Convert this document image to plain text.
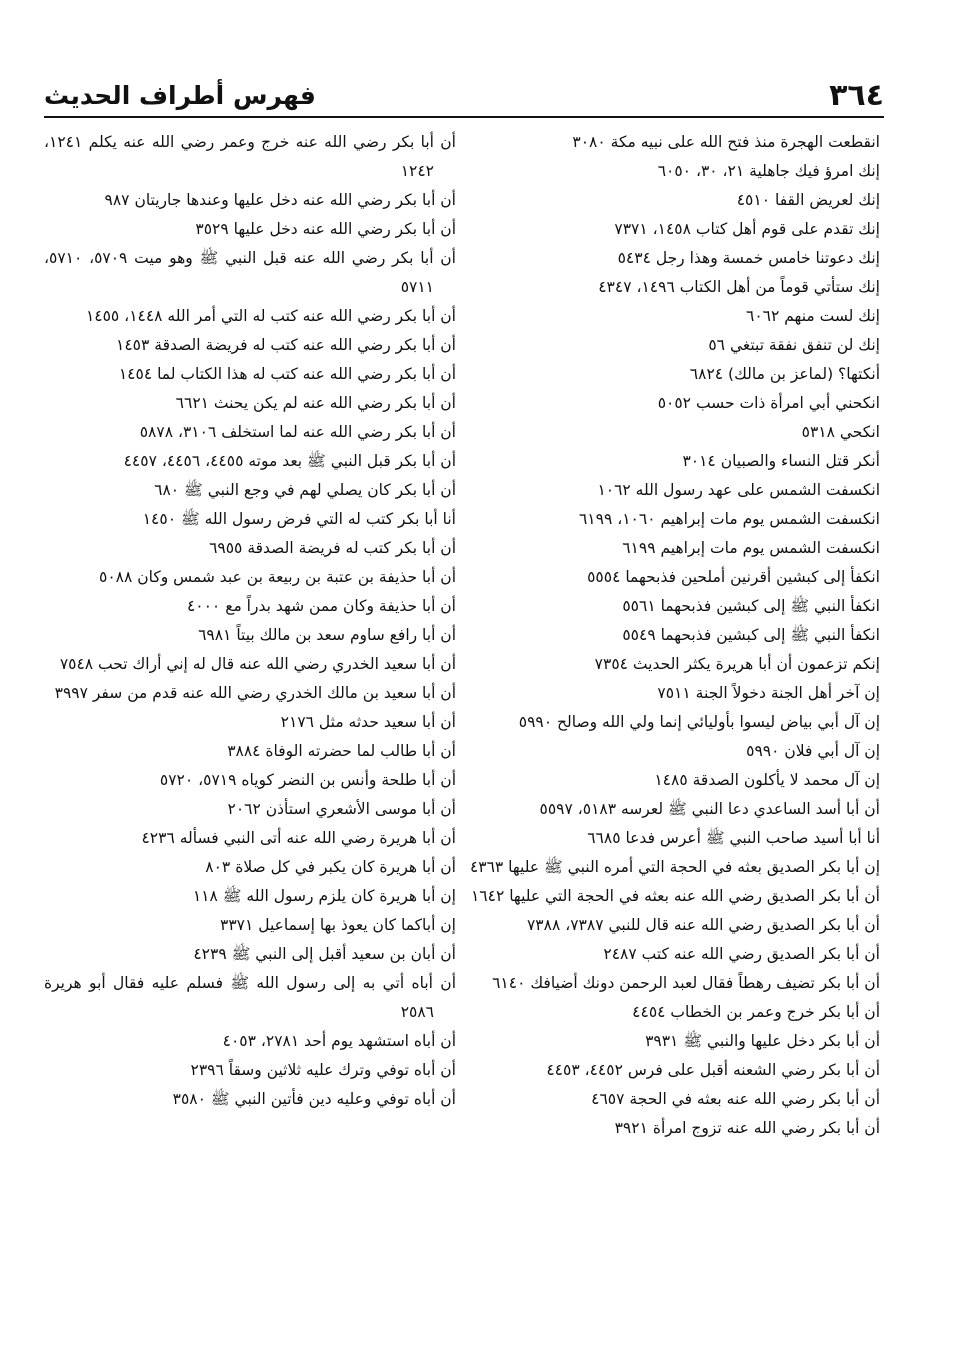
٣٦٤
فهرس أطراف الحديث

انقطعت الهجرة منذ فتح الله على نبيه مكة ٣٠٨٠

إنك امرؤ فيك جاهلية ٢١، ٣٠، ٦٠٥٠

إنك لعريض القفا ٤٥١٠

إنك تقدم على قوم أهل كتاب ١٤٥٨، ٧٣٧١

إنك دعوتنا خامس خمسة وهذا رجل ٥٤٣٤

إنك ستأتي قوماً من أهل الكتاب ١٤٩٦، ٤٣٤٧

إنك لست منهم ٦٠٦٢

إنك لن تنفق نفقة تبتغي ٥٦

أنكتها؟ (لماعز بن مالك) ٦٨٢٤

انكحني أبي امرأة ذات حسب ٥٠٥٢

انكحي ٥٣١٨

أنكر قتل النساء والصبيان ٣٠١٤

انكسفت الشمس على عهد رسول الله ١٠٦٢

انكسفت الشمس يوم مات إبراهيم ١٠٦٠، ٦١٩٩

انكسفت الشمس يوم مات إبراهيم ٦١٩٩

انكفأ إلى كبشين أقرنين أملحين فذبحهما ٥٥٥٤

انكفأ النبي ﷺ إلى كبشين فذبحهما ٥٥٦١

انكفأ النبي ﷺ إلى كبشين فذبحهما ٥٥٤٩

إنكم تزعمون أن أبا هريرة يكثر الحديث ٧٣٥٤

إن آخر أهل الجنة دخولاً الجنة ٧٥١١

إن آل أبي بياض ليسوا بأوليائي إنما ولي الله وصالح ٥٩٩٠

إن آل أبي فلان ٥٩٩٠

إن آل محمد لا يأكلون الصدقة ١٤٨٥

أن أبا أسد الساعدي دعا النبي ﷺ لعرسه ٥١٨٣، ٥٥٩٧

أنا أبا أسيد صاحب النبي ﷺ أعرس فدعا ٦٦٨٥

إن أبا بكر الصديق بعثه في الحجة التي أمره النبي ﷺ عليها ٤٣٦٣

أن أبا بكر الصديق رضي الله عنه بعثه في الحجة التي عليها ١٦٤٢

أن أبا بكر الصديق رضي الله عنه قال للنبي ٧٣٨٧، ٧٣٨٨

أن أبا بكر الصديق رضي الله عنه كتب ٢٤٨٧

أن أبا بكر تضيف رهطاً فقال لعبد الرحمن دونك أضيافك ٦١٤٠

أن أبا بكر خرج وعمر بن الخطاب ٤٤٥٤

أن أبا بكر دخل عليها والنبي ﷺ ٣٩٣١

أن أبا بكر رضي الشعنه أقبل على فرس ٤٤٥٢، ٤٤٥٣

أن أبا بكر رضي الله عنه بعثه في الحجة ٤٦٥٧

أن أبا بكر رضي الله عنه تزوج امرأة ٣٩٢١

أن أبا بكر رضي الله عنه خرج وعمر رضي الله عنه يكلم ١٢٤١، ١٢٤٢

أن أبا بكر رضي الله عنه دخل عليها وعندها جاريتان ٩٨٧

أن أبا بكر رضي الله عنه دخل عليها ٣٥٢٩

أن أبا بكر رضي الله عنه قبل النبي ﷺ وهو ميت ٥٧٠٩، ٥٧١٠، ٥٧١١

أن أبا بكر رضي الله عنه كتب له التي أمر الله ١٤٤٨، ١٤٥٥

أن أبا بكر رضي الله عنه كتب له فريضة الصدقة ١٤٥٣

أن أبا بكر رضي الله عنه كتب له هذا الكتاب لما ١٤٥٤

أن أبا بكر رضي الله عنه لم يكن يحنث ٦٦٢١

أن أبا بكر رضي الله عنه لما استخلف ٣١٠٦، ٥٨٧٨

أن أبا بكر قبل النبي ﷺ بعد موته ٤٤٥٥، ٤٤٥٦، ٤٤٥٧

أن أبا بكر كان يصلي لهم في وجع النبي ﷺ ٦٨٠

أنا أبا بكر كتب له التي فرض رسول الله ﷺ ١٤٥٠

أن أبا بكر كتب له فريضة الصدقة ٦٩٥٥

أن أبا حذيفة بن عتبة بن ربيعة بن عبد شمس وكان ٥٠٨٨

أن أبا حذيفة وكان ممن شهد بدراً مع ٤٠٠٠

أن أبا رافع ساوم سعد بن مالك بيتاً ٦٩٨١

أن أبا سعيد الخدري رضي الله عنه قال له إني أراك تحب ٧٥٤٨

أن أبا سعيد بن مالك الخدري رضي الله عنه قدم من سفر ٣٩٩٧

أن أبا سعيد حدثه مثل ٢١٧٦

أن أبا طالب لما حضرته الوفاة ٣٨٨٤

أن أبا طلحة وأنس بن النضر كوياه ٥٧١٩، ٥٧٢٠

أن أبا موسى الأشعري استأذن ٢٠٦٢

أن أبا هريرة رضي الله عنه أتى النبي فسأله ٤٢٣٦

أن أبا هريرة كان يكبر في كل صلاة ٨٠٣

إن أبا هريرة كان يلزم رسول الله ﷺ ١١٨

إن أباكما كان يعوذ بها إسماعيل ٣٣٧١

أن أبان بن سعيد أقبل إلى النبي ﷺ ٤٢٣٩

أن أباه أتي به إلى رسول الله ﷺ فسلم عليه فقال أبو هريرة ٢٥٨٦

أن أباه استشهد يوم أحد ٢٧٨١، ٤٠٥٣

أن أباه توفي وترك عليه ثلاثين وسقاً ٢٣٩٦

أن أباه توفي وعليه دين فأتين النبي ﷺ ٣٥٨٠
